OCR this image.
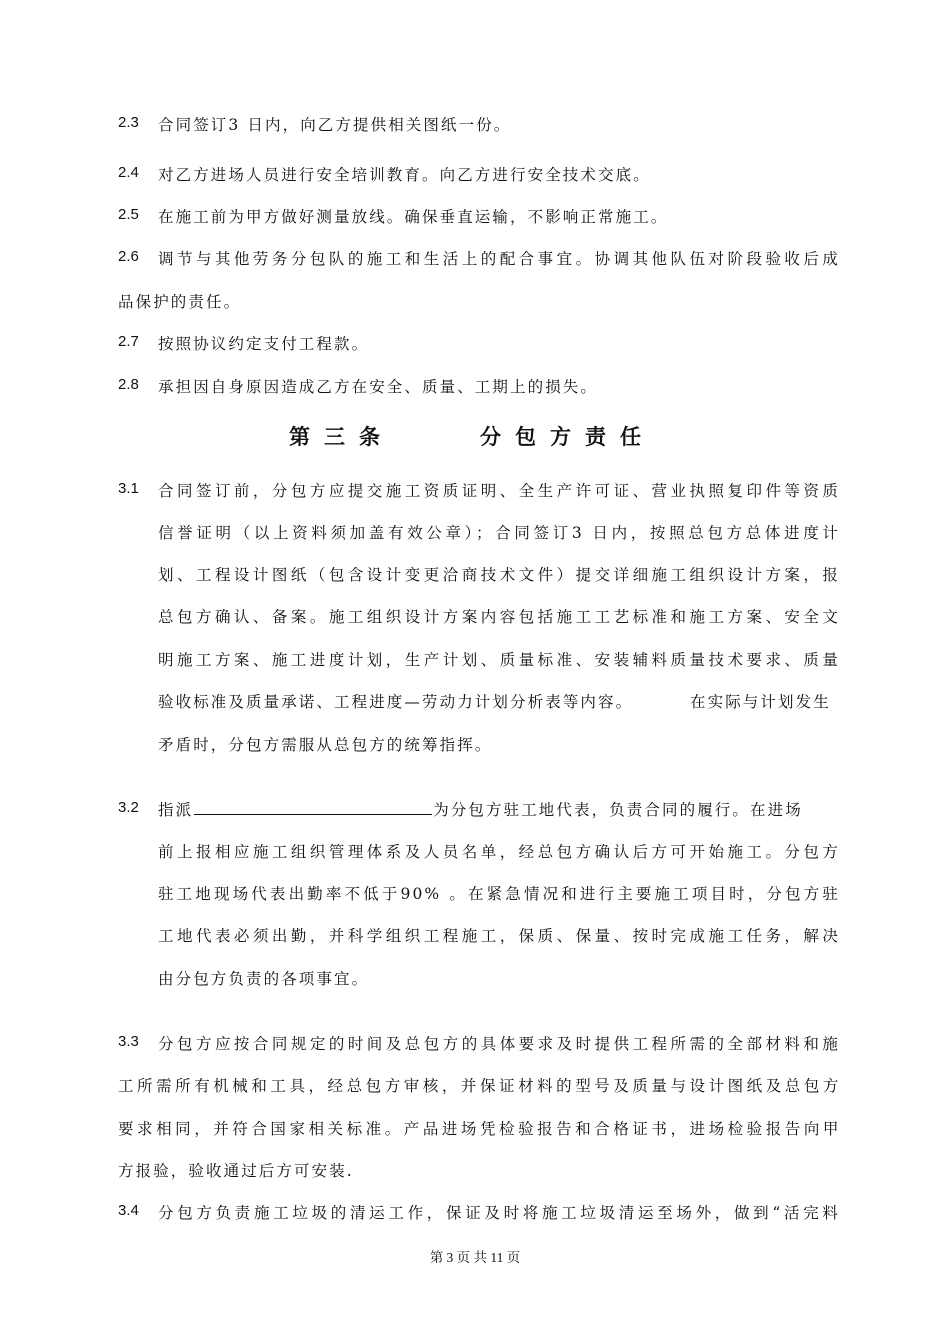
2.3 合同签订3 日内，向乙方提供相关图纸一份。
2.4 对乙方进场人员进行安全培训教育。向乙方进行安全技术交底。
2.5 在施工前为甲方做好测量放线。确保垂直运输，不影响正常施工。
2.6 调节与其他劳务分包队的施工和生活上的配合事宜。协调其他队伍对阶段验收后成
品保护的责任。
2.7 按照协议约定支付工程款。
2.8 承担因自身原因造成乙方在安全、质量、工期上的损失。
第三条	分包方责任
3.1 合同签订前，分包方应提交施工资质证明、全生产许可证、营业执照复印件等资质
信誉证明（以上资料须加盖有效公章）；合同签订3 日内，按照总包方总体进度计
划、工程设计图纸（包含设计变更洽商技术文件）提交详细施工组织设计方案，报
总包方确认、备案。施工组织设计方案内容包括施工工艺标准和施工方案、安全文
明施工方案、施工进度计划，生产计划、质量标准、安装辅料质量技术要求、质量
验收标准及质量承诺、工程进度—劳动力计划分析表等内容。	在实际与计划发生
矛盾时，分包方需服从总包方的统筹指挥。
3.2 指派	为分包方驻工地代表，负责合同的履行。在进场
前上报相应施工组织管理体系及人员名单，经总包方确认后方可开始施工。分包方
驻工地现场代表出勤率不低于90% 。在紧急情况和进行主要施工项目时，分包方驻
工地代表必须出勤，并科学组织工程施工，保质、保量、按时完成施工任务，解决
由分包方负责的各项事宜。
3.3 分包方应按合同规定的时间及总包方的具体要求及时提供工程所需的全部材料和施
工所需所有机械和工具，经总包方审核，并保证材料的型号及质量与设计图纸及总包方
要求相同，并符合国家相关标准。产品进场凭检验报告和合格证书，进场检验报告向甲
方报验，验收通过后方可安装.
3.4 分包方负责施工垃圾的清运工作，保证及时将施工垃圾清运至场外，做到“活完料
第 3 页 共 11 页
